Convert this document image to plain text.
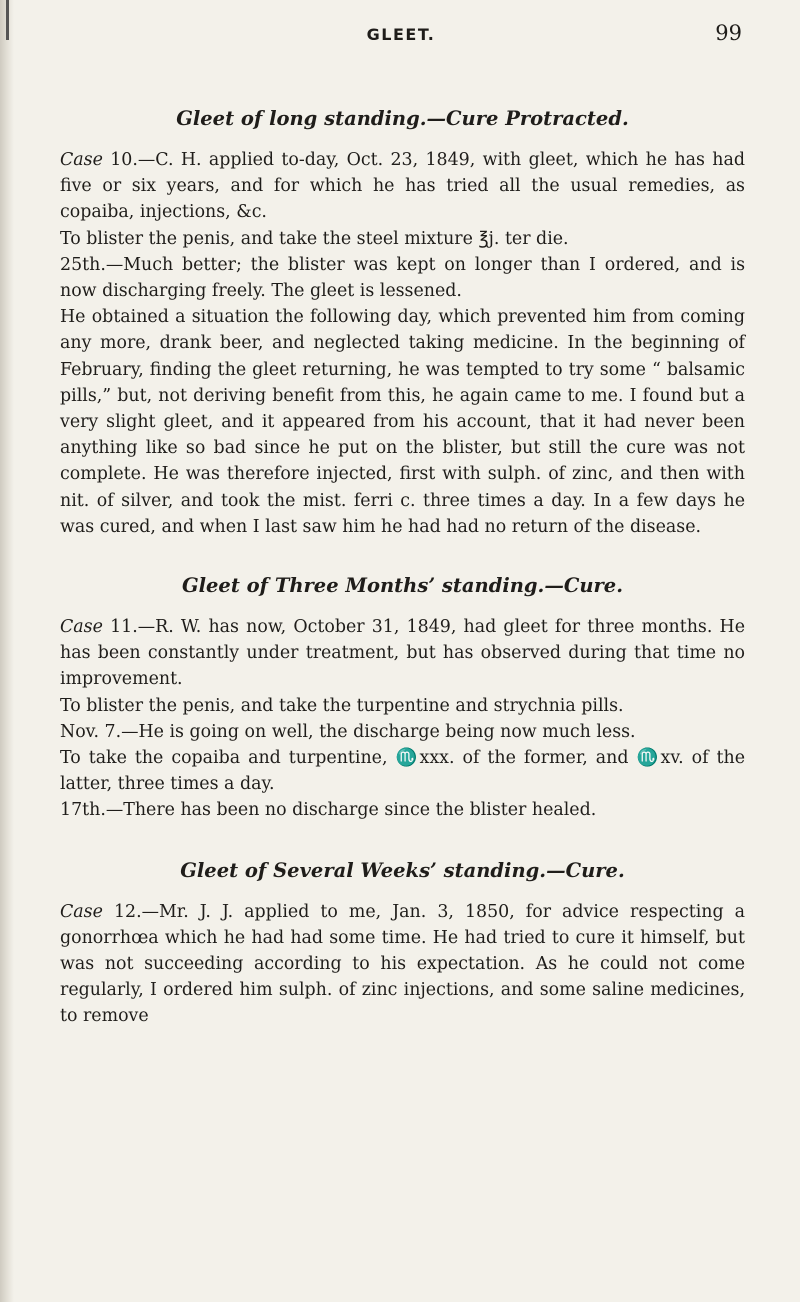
GLEET.	99
Gleet of long standing.—Cure Protracted.

Case 10.—C. H. applied to-day, Oct. 23, 1849, with gleet, which he has had five or six years, and for which he has tried all the usual remedies, as copaiba, injections, &c.

To blister the penis, and take the steel mixture ℥j. ter die.

25th.—Much better; the blister was kept on longer than I ordered, and is now discharging freely. The gleet is lessened.

He obtained a situation the following day, which prevented him from coming any more, drank beer, and neglected taking medicine. In the beginning of February, finding the gleet returning, he was tempted to try some “ balsamic pills,” but, not deriving benefit from this, he again came to me. I found but a very slight gleet, and it appeared from his account, that it had never been anything like so bad since he put on the blister, but still the cure was not complete. He was therefore injected, first with sulph. of zinc, and then with nit. of silver, and took the mist. ferri c. three times a day. In a few days he was cured, and when I last saw him he had had no return of the disease.

Gleet of Three Months’ standing.—Cure.

Case 11.—R. W. has now, October 31, 1849, had gleet for three months. He has been constantly under treatment, but has observed during that time no improvement.

To blister the penis, and take the turpentine and strychnia pills.

Nov. 7.—He is going on well, the discharge being now much less.

To take the copaiba and turpentine, ♏xxx. of the former, and ♏xv. of the latter, three times a day.

17th.—There has been no discharge since the blister healed.

Gleet of Several Weeks’ standing.—Cure.

Case 12.—Mr. J. J. applied to me, Jan. 3, 1850, for advice respecting a gonorrhœa which he had had some time. He had tried to cure it himself, but was not succeeding according to his expectation. As he could not come regularly, I ordered him sulph. of zinc injections, and some saline medicines, to remove
